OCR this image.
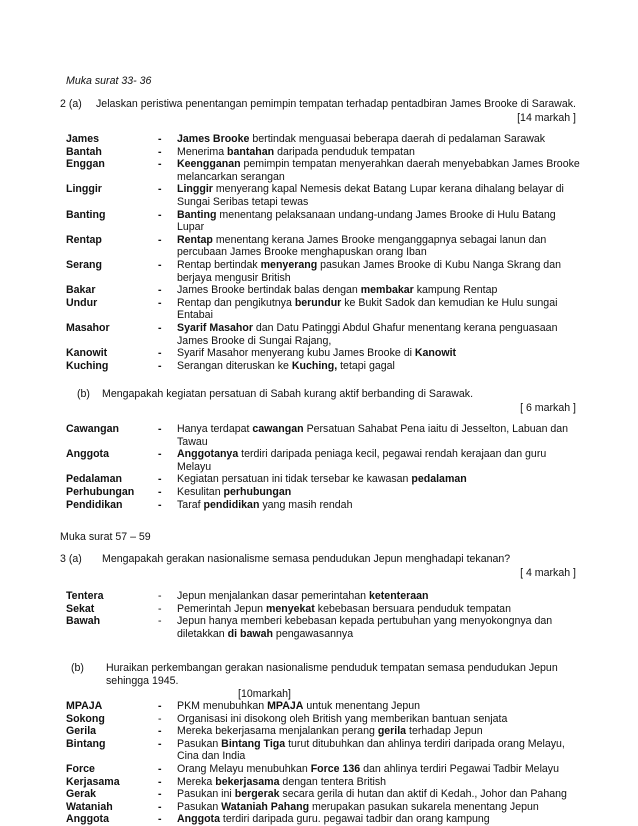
Muka surat 33- 36
2 (a) Jelaskan peristiwa penentangan pemimpin tempatan terhadap pentadbiran James Brooke di Sarawak.
[14 markah ]
James	- James Brooke bertindak menguasai beberapa daerah di pedalaman Sarawak
Bantah	- Menerima bantahan daripada penduduk tempatan
Enggan	- Keengganan pemimpin tempatan menyerahkan daerah menyebabkan James Brooke
melancarkan serangan
Linggir	- Linggir menyerang kapal Nemesis dekat Batang Lupar kerana dihalang belayar di
Sungai Seribas tetapi tewas
Banting	- Banting menentang pelaksanaan undang-undang James Brooke di Hulu Batang
Lupar
Rentap	- Rentap menentang kerana James Brooke menganggapnya sebagai lanun dan
percubaan James Brooke menghapuskan orang Iban
Serang	- Rentap bertindak menyerang pasukan James Brooke di Kubu Nanga Skrang dan
berjaya mengusir British
Bakar	- James Brooke bertindak balas dengan membakar kampung Rentap
Undur	- Rentap dan pengikutnya berundur ke Bukit Sadok dan kemudian ke Hulu sungai
Entabai
Masahor	- Syarif Masahor dan Datu Patinggi Abdul Ghafur menentang kerana penguasaan
James Brooke di Sungai Rajang,
Kanowit	- Syarif Masahor menyerang kubu James Brooke di Kanowit
Kuching	- Serangan diteruskan ke Kuching, tetapi gagal
(b) Mengapakah kegiatan persatuan di Sabah kurang aktif berbanding di Sarawak.
[ 6 markah ]
Cawangan	- Hanya terdapat cawangan Persatuan Sahabat Pena iaitu di Jesselton, Labuan dan
Tawau
Anggota	- Anggotanya terdiri daripada peniaga kecil, pegawai rendah kerajaan dan guru
Melayu
Pedalaman	- Kegiatan persatuan ini tidak tersebar ke kawasan pedalaman
Perhubungan - Kesulitan perhubungan
Pendidikan	- Taraf pendidikan yang masih rendah
Muka surat 57 – 59
3 (a) Mengapakah gerakan nasionalisme semasa pendudukan Jepun menghadapi tekanan?
[ 4 markah ]
Tentera	- Jepun menjalankan dasar pemerintahan ketenteraan
Sekat	- Pemerintah Jepun menyekat kebebasan bersuara penduduk tempatan
Bawah	- Jepun hanya memberi kebebasan kepada pertubuhan yang menyokongnya dan
diletakkan di bawah pengawasannya
(b) Huraikan perkembangan gerakan nasionalisme penduduk tempatan semasa pendudukan Jepun
sehingga 1945.
[10markah]
MPAJA	- PKM menubuhkan MPAJA untuk menentang Jepun
Sokong	- Organisasi ini disokong oleh British yang memberikan bantuan senjata
Gerila	- Mereka bekerjasama menjalankan perang gerila terhadap Jepun
Bintang	- Pasukan Bintang Tiga turut ditubuhkan dan ahlinya terdiri daripada orang Melayu,
Cina dan India
Force	- Orang Melayu menubuhkan Force 136 dan ahlinya terdiri Pegawai Tadbir Melayu
Kerjasama	- Mereka bekerjasama dengan tentera British
Gerak	- Pasukan ini bergerak secara gerila di hutan dan aktif di Kedah., Johor dan Pahang
Wataniah	- Pasukan Wataniah Pahang merupakan pasukan sukarela menentang Jepun
Anggota	- Anggota terdiri daripada guru. pegawai tadbir dan orang kampung
